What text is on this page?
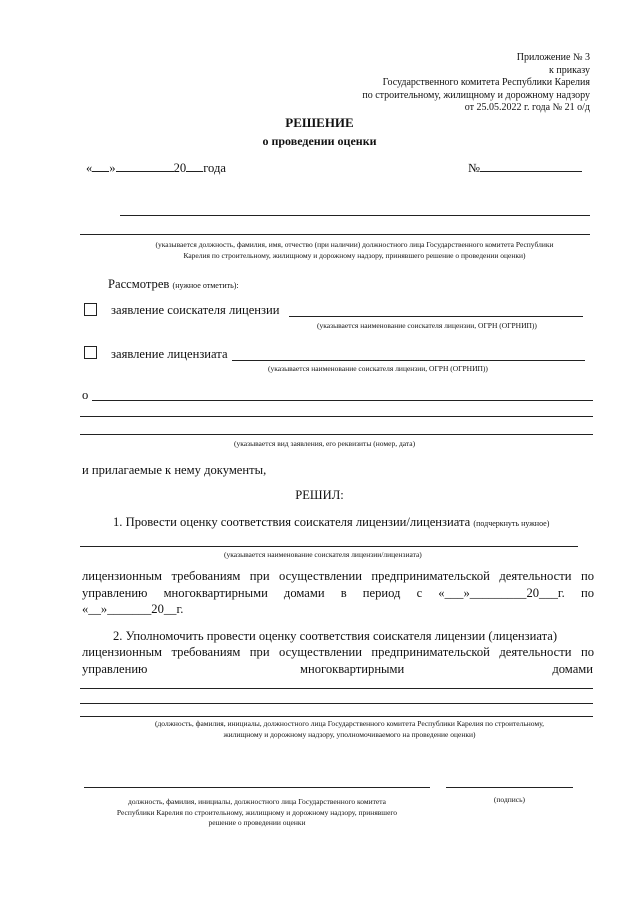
Приложение № 3
к приказу
Государственного комитета Республики Карелия
по строительному, жилищному и дорожному надзору
от 25.05.2022 г. года № 21 о/д
РЕШЕНИЕ
о проведении оценки
« »	20 года	№
(указывается должность, фамилия, имя, отчество (при наличии) должностного лица Государственного комитета Республики
Карелия по строительному, жилищному и дорожному надзору, принявшего решение о проведении оценки)
Рассмотрев (нужное отметить):
заявление соискателя лицензии
(указывается наименование соискателя лицензии, ОГРН (ОГРНИП))
заявление лицензиата
(указывается наименование соискателя лицензии, ОГРН (ОГРНИП))
о
(указывается вид заявления, его реквизиты (номер, дата)
и прилагаемые к нему документы,
РЕШИЛ:
1. Провести оценку соответствия соискателя лицензии/лицензиата (подчеркнуть нужное)
(указывается наименование соискателя лицензии/лицензиата)
лицензионным требованиям при осуществлении предпринимательской деятельности по
управлению многоквартирными домами в период с «___»_________20___г. по
«__»_______20__г.
2. Уполномочить провести оценку соответствия соискателя лицензии (лицензиата)
лицензионным требованиям при осуществлении предпринимательской деятельности по
управлению	многоквартирными	домами
(должность, фамилия, инициалы, должностного лица Государственного комитета Республики Карелия по строительному,
жилищному и дорожному надзору, уполномочиваемого на проведение оценки)
должность, фамилия, инициалы, должностного лица Государственного комитета
Республики Карелия по строительному, жилищному и дорожному надзору, принявшего
решение о проведении оценки
(подпись)
